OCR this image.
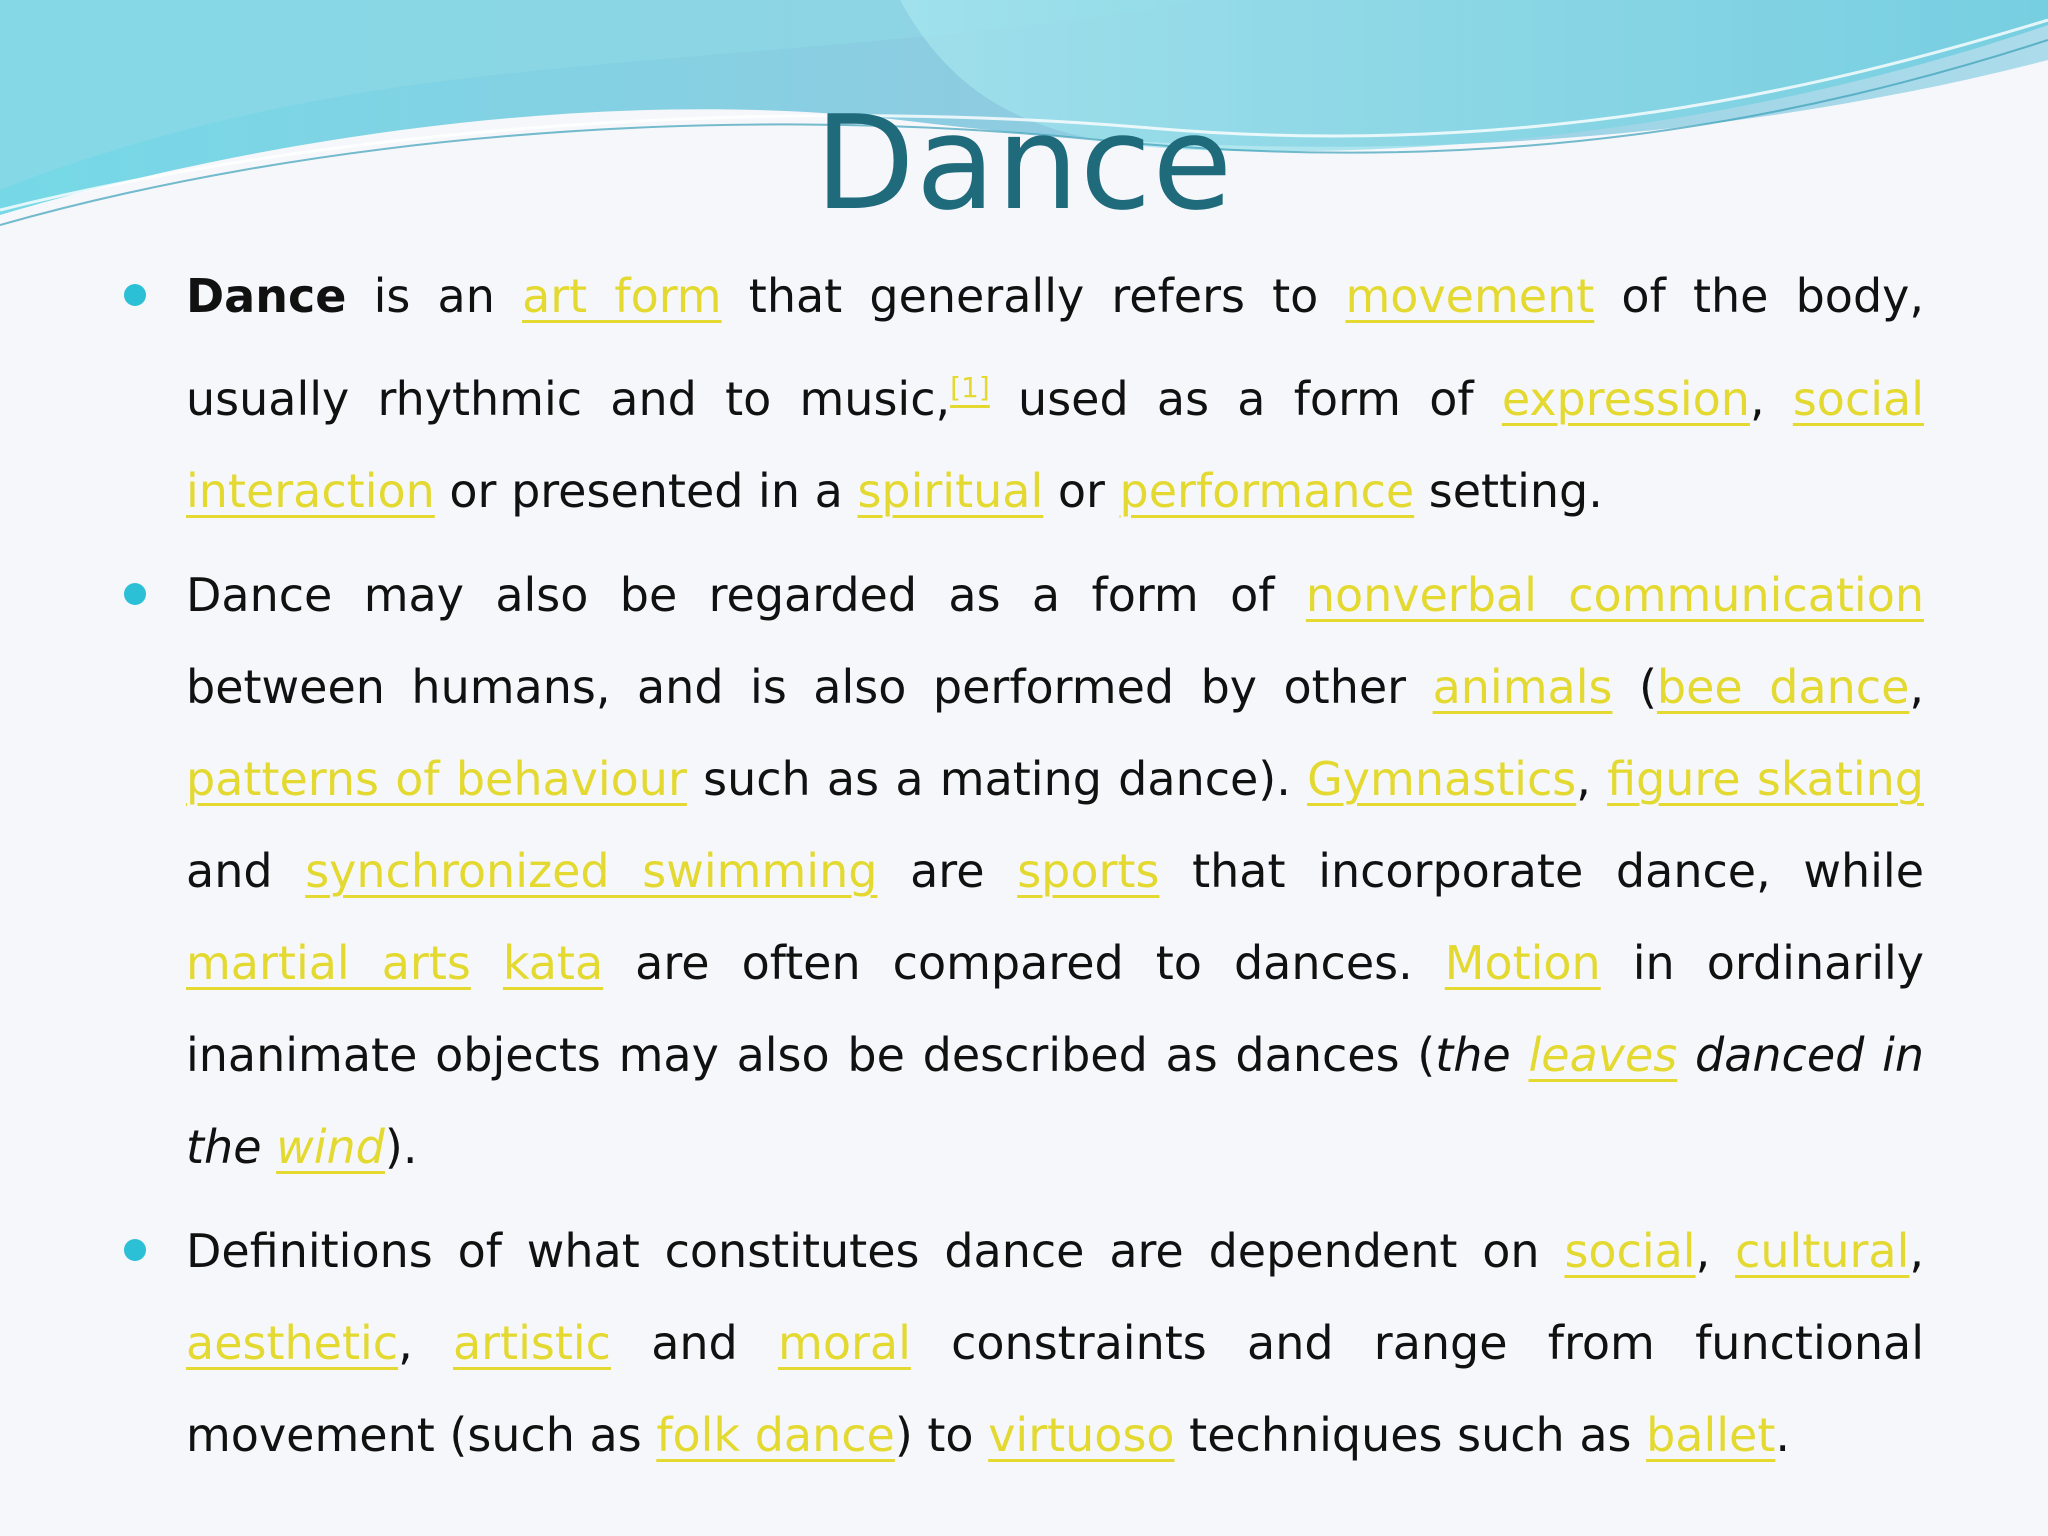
Dance
Dance is an art form that generally refers to movement of the body, usually rhythmic and to music,[1] used as a form of expression, social interaction or presented in a spiritual or performance setting.
Dance may also be regarded as a form of nonverbal communication between humans, and is also performed by other animals (bee dance, patterns of behaviour such as a mating dance). Gymnastics, figure skating and synchronized swimming are sports that incorporate dance, while martial arts kata are often compared to dances. Motion in ordinarily inanimate objects may also be described as dances (the leaves danced in the wind).
Definitions of what constitutes dance are dependent on social, cultural, aesthetic, artistic and moral constraints and range from functional movement (such as folk dance) to virtuoso techniques such as ballet.
